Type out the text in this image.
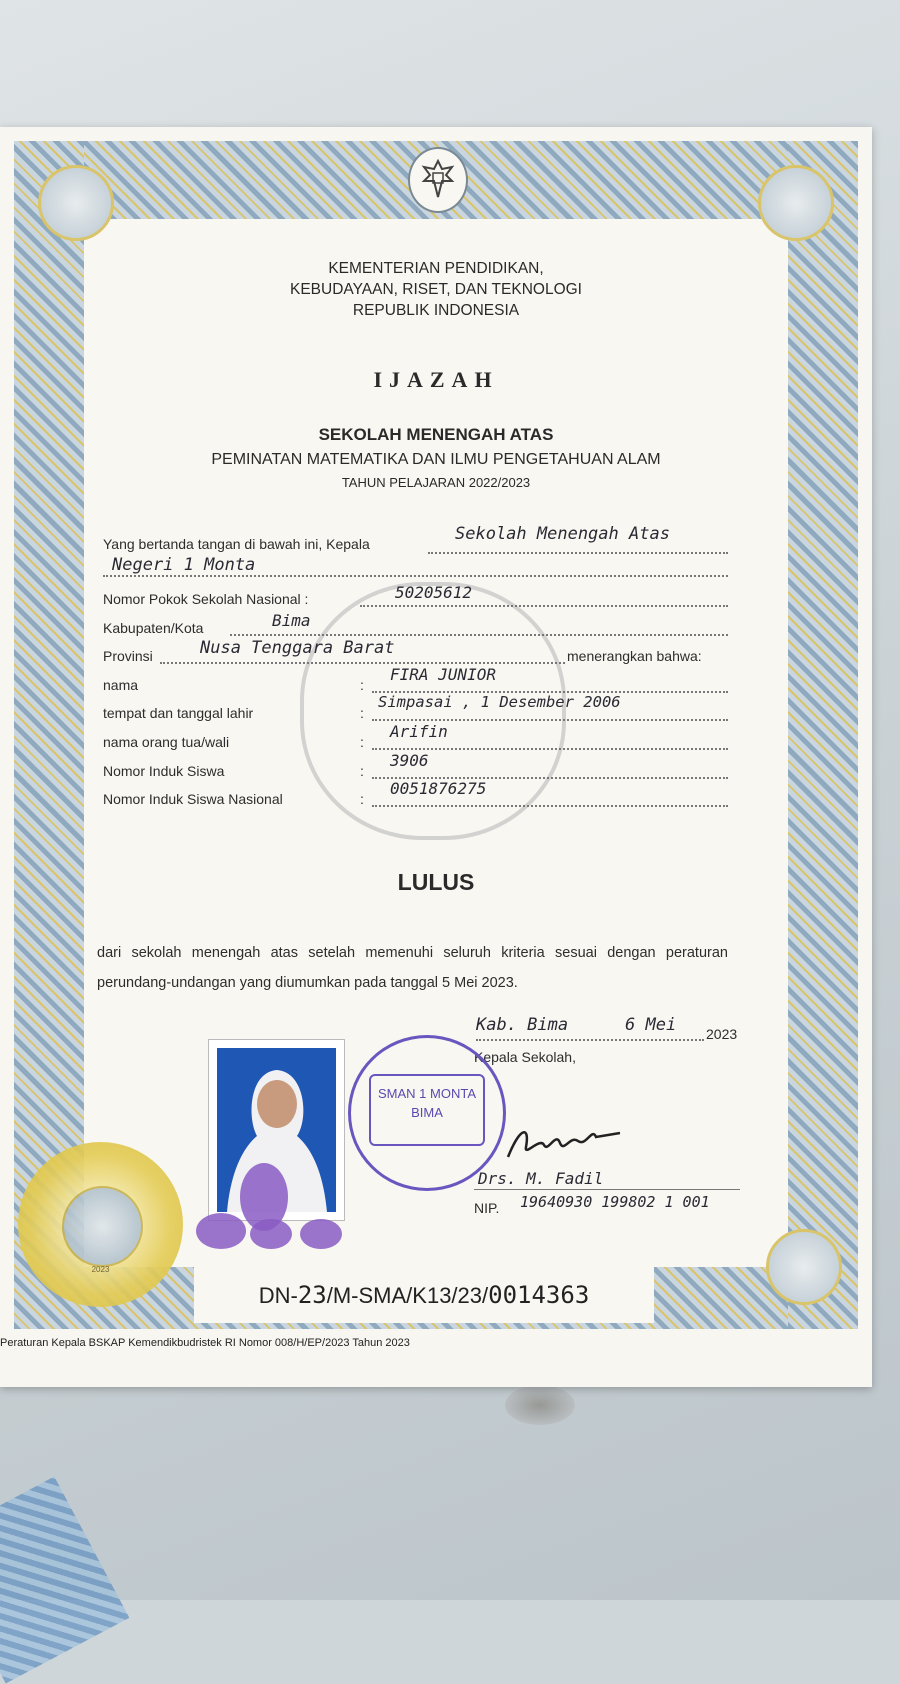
KEMENTERIAN PENDIDIKAN,
KEBUDAYAAN, RISET, DAN TEKNOLOGI
REPUBLIK INDONESIA
IJAZAH
SEKOLAH MENENGAH ATAS
PEMINATAN MATEMATIKA DAN ILMU PENGETAHUAN ALAM
TAHUN PELAJARAN 2022/2023
Yang bertanda tangan di bawah ini, Kepala	Sekolah Menengah Atas
Negeri 1 Monta
Nomor Pokok Sekolah Nasional :	50205612
Kabupaten/Kota	Bima
Provinsi	Nusa Tenggara Barat	menerangkan bahwa:
nama	:
FIRA JUNIOR
tempat dan tanggal lahir	:
Simpasai , 1 Desember 2006
nama orang tua/wali	:
Arifin
Nomor Induk Siswa	:
3906
Nomor Induk Siswa Nasional	:
0051876275
LULUS
dari sekolah menengah atas setelah memenuhi seluruh kriteria sesuai dengan peraturan perundang-undangan yang diumumkan pada tanggal 5 Mei 2023.
Kab. Bima	6 Mei 2023
Kepala Sekolah,
Drs. M. Fadil
NIP. 19640930 199802 1 001
SMAN 1 MONTA
BIMA
2023
DN-23/M-SMA/K13/23/0014363
Peraturan Kepala BSKAP Kemendikbudristek RI Nomor 008/H/EP/2023 Tahun 2023
